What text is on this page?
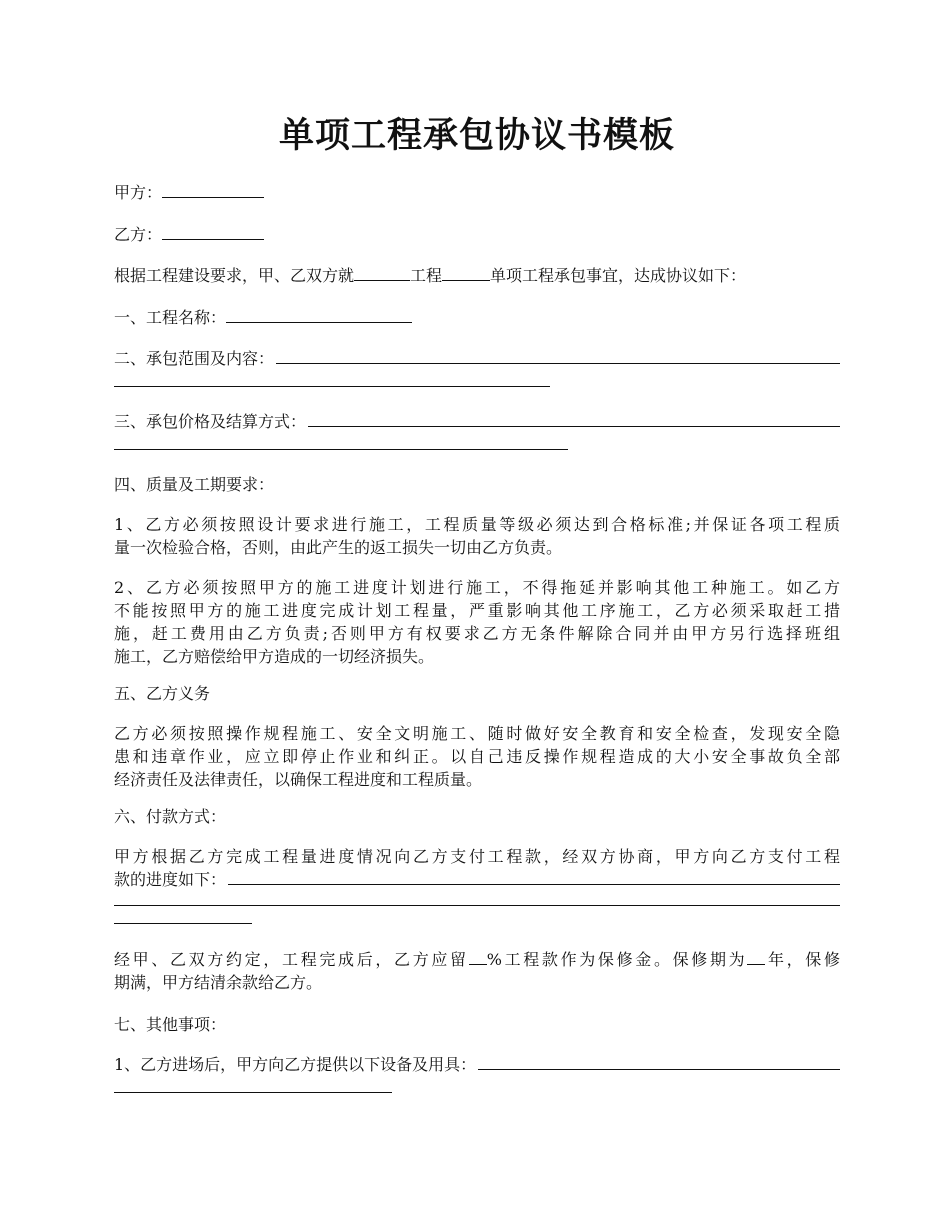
单项工程承包协议书模板
甲方：
乙方：
根据工程建设要求，甲、乙双方就	工程	单项工程承包事宜，达成协议如下：
一、工程名称：
二、承包范围及内容：
三、承包价格及结算方式：
四、质量及工期要求：
1、乙方必须按照设计要求进行施工，工程质量等级必须达到合格标准;并保证各项工程质
量一次检验合格，否则，由此产生的返工损失一切由乙方负责。
2、乙方必须按照甲方的施工进度计划进行施工，不得拖延并影响其他工种施工。如乙方
不能按照甲方的施工进度完成计划工程量，严重影响其他工序施工，乙方必须采取赶工措
施，赶工费用由乙方负责;否则甲方有权要求乙方无条件解除合同并由甲方另行选择班组
施工，乙方赔偿给甲方造成的一切经济损失。
五、乙方义务
乙方必须按照操作规程施工、安全文明施工、随时做好安全教育和安全检查，发现安全隐
患和违章作业，应立即停止作业和纠正。以自己违反操作规程造成的大小安全事故负全部
经济责任及法律责任，以确保工程进度和工程质量。
六、付款方式：
甲方根据乙方完成工程量进度情况向乙方支付工程款，经双方协商，甲方向乙方支付工程
款的进度如下：
经甲、乙双方约定，工程完成后，乙方应留 %工程款作为保修金。保修期为 年，保修
期满，甲方结清余款给乙方。
七、其他事项：
1、乙方进场后，甲方向乙方提供以下设备及用具：
